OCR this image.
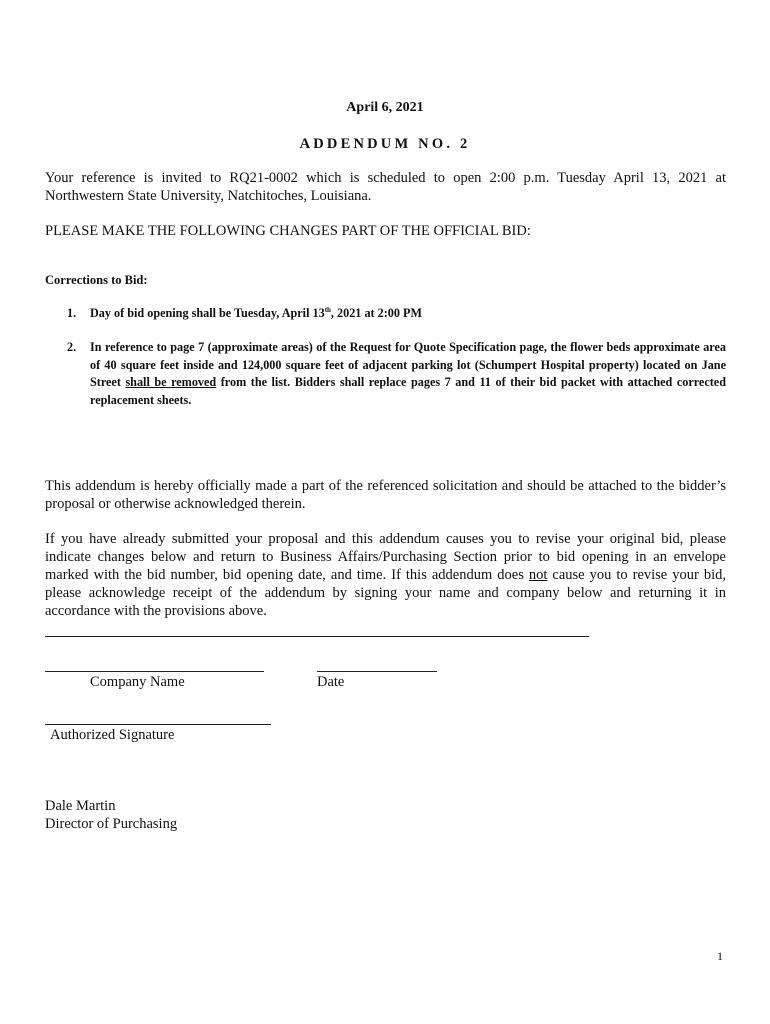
April 6, 2021
ADDENDUM NO. 2

Your reference is invited to RQ21-0002 which is scheduled to open 2:00 p.m. Tuesday April 13, 2021 at Northwestern State University, Natchitoches, Louisiana.

PLEASE MAKE THE FOLLOWING CHANGES PART OF THE OFFICIAL BID:

Corrections to Bid:
1. Day of bid opening shall be Tuesday, April 13th, 2021 at 2:00 PM
2. In reference to page 7 (approximate areas) of the Request for Quote Specification page, the flower beds approximate area of 40 square feet inside and 124,000 square feet of adjacent parking lot (Schumpert Hospital property) located on Jane Street shall be removed from the list. Bidders shall replace pages 7 and 11 of their bid packet with attached corrected replacement sheets.

This addendum is hereby officially made a part of the referenced solicitation and should be attached to the bidder’s proposal or otherwise acknowledged therein.

If you have already submitted your proposal and this addendum causes you to revise your original bid, please indicate changes below and return to Business Affairs/Purchasing Section prior to bid opening in an envelope marked with the bid number, bid opening date, and time. If this addendum does not cause you to revise your bid, please acknowledge receipt of the addendum by signing your name and company below and returning it in accordance with the provisions above.

Company Name	Date
Authorized Signature
Dale Martin
Director of Purchasing
1
